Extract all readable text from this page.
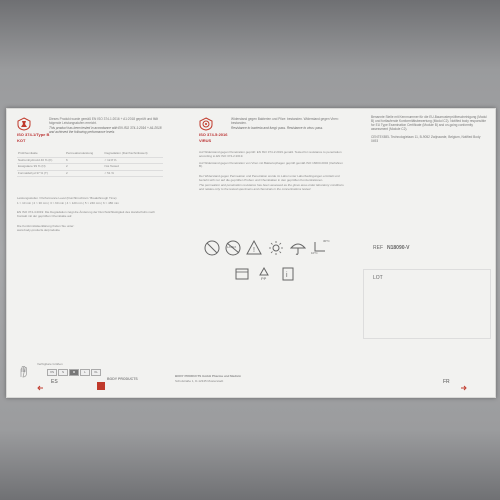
ISO 374-1/Type B
KOT

Dieses Produkt wurde gemäß EN ISO 374-1:2016 + A1:2018 geprüft und fällt folgende Leistungsstufen erreicht.

This product has been tested in accordance with EN ISO 374-1:2016 + A1:2018 and achieved the following performance levels

Prüfchemikalie	Permeationsleistung	Degradation (Durchschnittswert)
Natriumhydroxid 40 % (K)	6	< 12.8 %
Essigsäure 99 % (N)	2	Not Tested
Formaldehyd 37 % (T)	2	< 51 %

Leistungsstufen / Performance Level (Durchbruchzeit / Breakthrough Time)

1 > 10 min | 2 > 30 min | 3 > 60 min | 4 > 120 min | 5 > 240 min | 6 > 480 min

EN ISO 374-4:2019: Die Degradation zeigt die Änderung der Durchstichfestigkeit des Handschuhs nach Kontakt mit der geprüften Chemikalie auf.

Die Konformitätserklärung finden Sie unter:

www.body-products.de/produkte

ISO 374-5:2016
VIRUS

Widerstand gegen Bakterien und Pilze: bestanden. Widerstand gegen Viren: bestanden.

Resistance to bacteria and fungi: pass. Resistance to virus: pass.

Auf Widerstand gegen Penetration geprüft: EN ISO 374-2:2019 gemäß. Tested for resistance to penetration according to EN ISO 374-2:2019.

Auf Widerstand gegen Penetration von Viren mit Bakteriophagen geprüft gemäß ISO 16604:2004 (Verfahren B).

Der Widerstand gegen Permeation und Penetration wurde im Labor unter Laborbedingungen ermittelt und bezieht sich nur auf die geprüften Proben und Chemikalien in den geprüften Konzentrationen.

The permeation and penetration resistance has been assessed as the glove area under laboratory conditions and relates only to the tested specimens and chemicals in the concentrations tested.

LATEX !
30°C
10°C
PP	i

Benannte Stelle mit Kennnummer für die EU-Baumusterprüfbescheinigung (Modul B) und fortlaufende Konformitätsbewertung (Modul C2). Notified body responsible for EU Type Examination Certificate (Module B) and on-going conformity assessment (Module C2).

CENTEXBEL Technologielaan 11, B-9052 Zwijnaarde, Belgium, Notified Body 0493

REF N18090-V
LOT
Verfügbare Größen
XS	S	M	L	XL
ES	BODY PRODUCTS

BODY PRODUCTS GmbH Pharma und Medizin

Schulstraße 1, D-12345 Musterstadt	FR
